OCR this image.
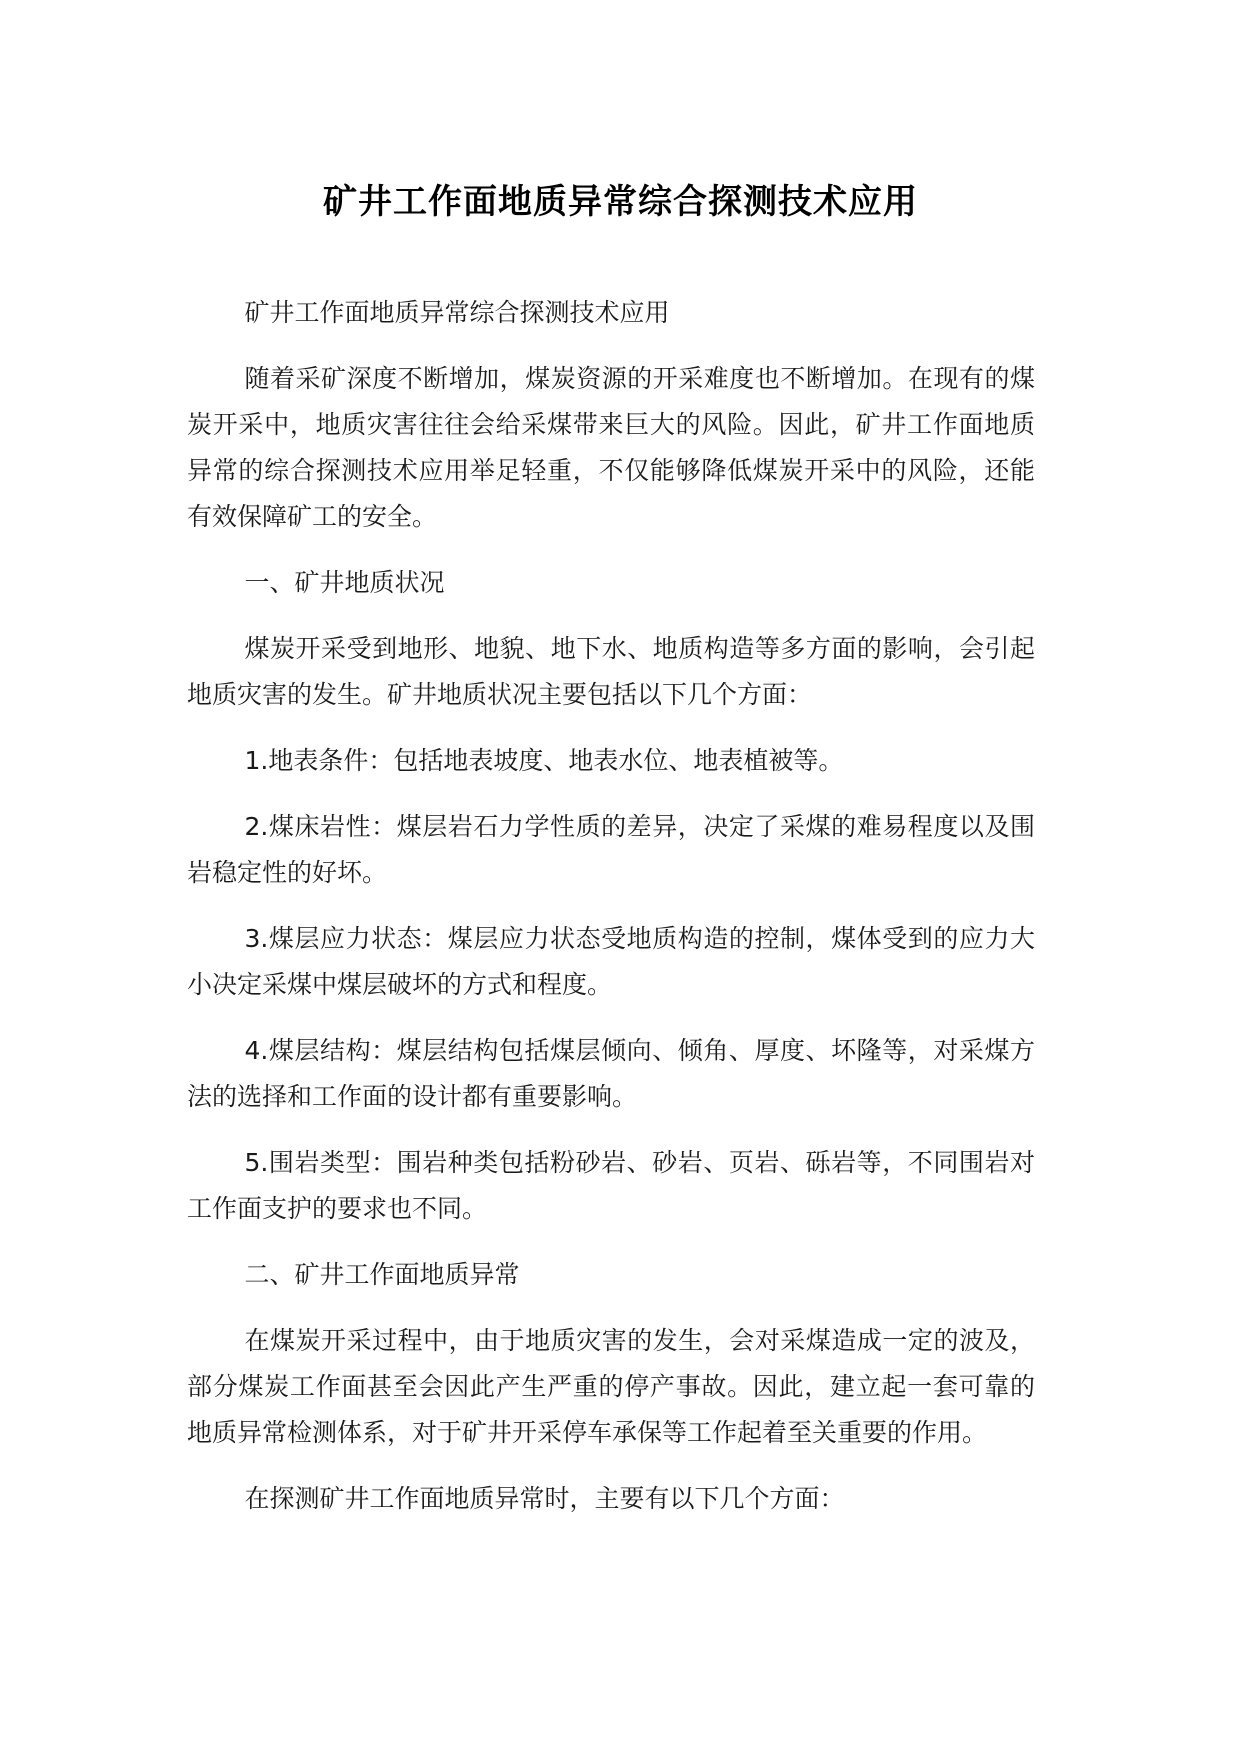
矿井工作面地质异常综合探测技术应用

矿井工作面地质异常综合探测技术应用

随着采矿深度不断增加，煤炭资源的开采难度也不断增加。在现有的煤炭开采中，地质灾害往往会给采煤带来巨大的风险。因此，矿井工作面地质异常的综合探测技术应用举足轻重，不仅能够降低煤炭开采中的风险，还能有效保障矿工的安全。

一、矿井地质状况

煤炭开采受到地形、地貌、地下水、地质构造等多方面的影响，会引起地质灾害的发生。矿井地质状况主要包括以下几个方面：

1.地表条件：包括地表坡度、地表水位、地表植被等。

2.煤床岩性：煤层岩石力学性质的差异，决定了采煤的难易程度以及围岩稳定性的好坏。

3.煤层应力状态：煤层应力状态受地质构造的控制，煤体受到的应力大小决定采煤中煤层破坏的方式和程度。

4.煤层结构：煤层结构包括煤层倾向、倾角、厚度、坏隆等，对采煤方法的选择和工作面的设计都有重要影响。

5.围岩类型：围岩种类包括粉砂岩、砂岩、页岩、砾岩等，不同围岩对工作面支护的要求也不同。

二、矿井工作面地质异常

在煤炭开采过程中，由于地质灾害的发生，会对采煤造成一定的波及，部分煤炭工作面甚至会因此产生严重的停产事故。因此，建立起一套可靠的地质异常检测体系，对于矿井开采停车承保等工作起着至关重要的作用。

在探测矿井工作面地质异常时，主要有以下几个方面：
